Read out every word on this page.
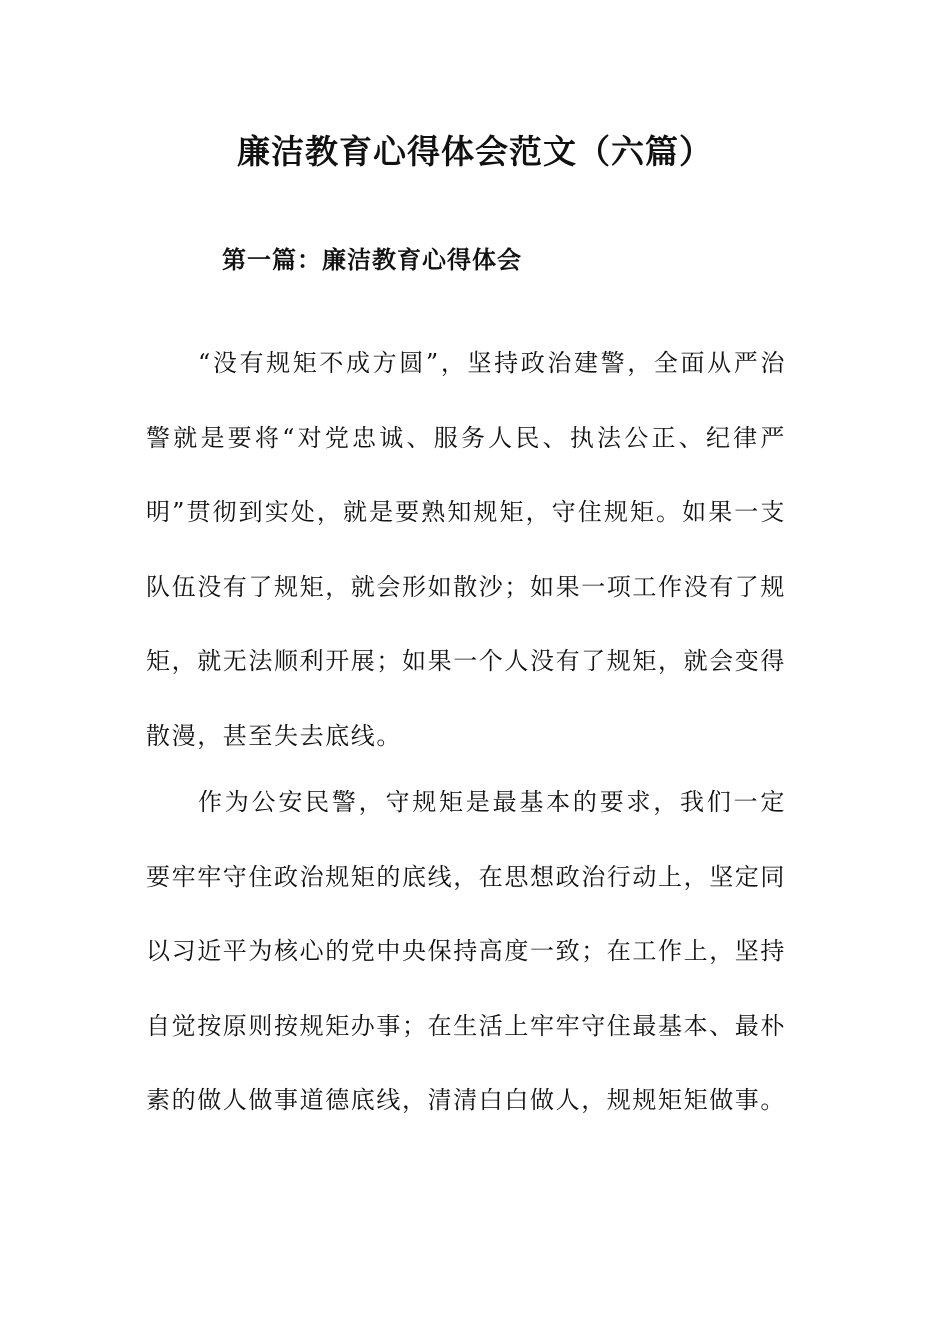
廉洁教育心得体会范文（六篇）
第一篇：廉洁教育心得体会

“没有规矩不成方圆”，坚持政治建警，全面从严治警就是要将“对党忠诚、服务人民、执法公正、纪律严明”贯彻到实处，就是要熟知规矩，守住规矩。如果一支队伍没有了规矩，就会形如散沙；如果一项工作没有了规矩，就无法顺利开展；如果一个人没有了规矩，就会变得散漫，甚至失去底线。

作为公安民警，守规矩是最基本的要求，我们一定要牢牢守住政治规矩的底线，在思想政治行动上，坚定同以习近平为核心的党中央保持高度一致；在工作上，坚持自觉按原则按规矩办事；在生活上牢牢守住最基本、最朴素的做人做事道德底线，清清白白做人，规规矩矩做事。
